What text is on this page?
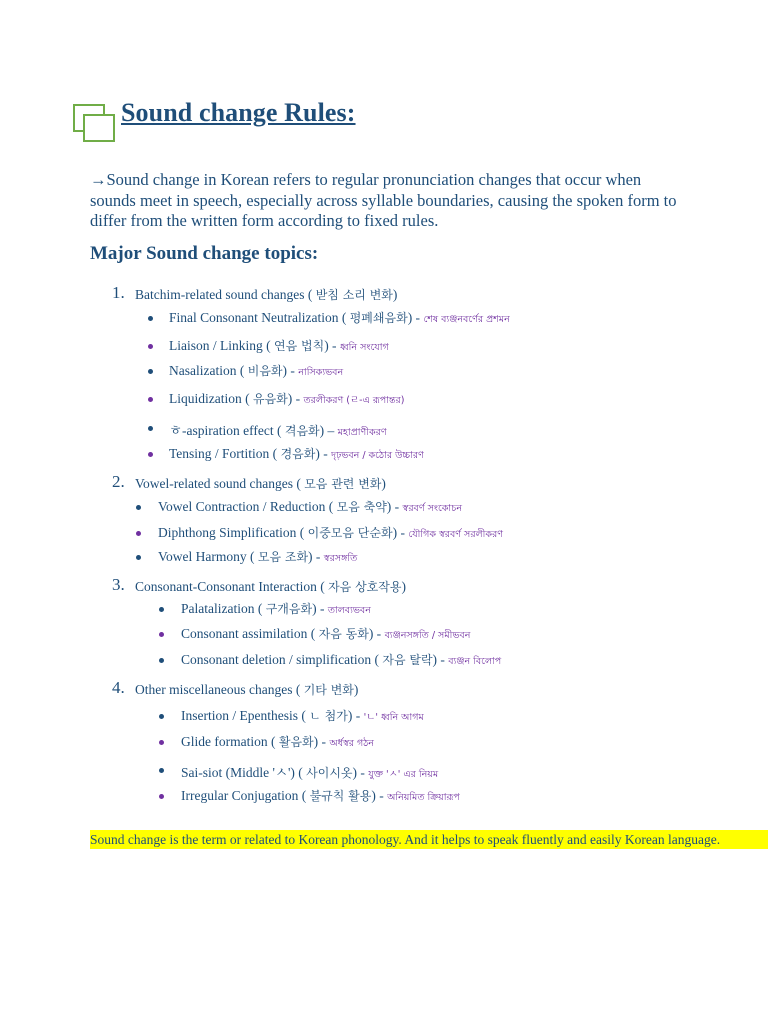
Sound change Rules:

→Sound change in Korean refers to regular pronunciation changes that occur when sounds meet in speech, especially across syllable boundaries, causing the spoken form to differ from the written form according to fixed rules.

Major Sound change topics:
1. Batchim-related sound changes ( 받침 소리 변화)
Final Consonant Neutralization ( 평폐쇄음화) - শেষ ব্যঞ্জনবর্ণের প্রশমন
Liaison / Linking ( 연음 법칙) - ধ্বনি সংযোগ
Nasalization ( 비음화) - নাসিক্যভবন
Liquidization ( 유음화) - তরলীকরণ (ㄹ-এ রূপান্তর)
ㅎ-aspiration effect ( 격음화) – মহাপ্রাণীকরণ
Tensing / Fortition ( 경음화) - দৃঢ়ভবন / কঠোর উচ্চারণ
2. Vowel-related sound changes ( 모음 관련 변화)
Vowel Contraction / Reduction ( 모음 축약) - স্বরবর্ণ সংকোচন
Diphthong Simplification ( 이중모음 단순화) - যৌগিক স্বরবর্ণ সরলীকরণ
Vowel Harmony ( 모음 조화) - স্বরসঙ্গতি
3. Consonant-Consonant Interaction ( 자음 상호작용)
Palatalization ( 구개음화) - তালব্যভবন
Consonant assimilation ( 자음 동화) - ব্যঞ্জনসঙ্গতি / সমীভবন
Consonant deletion / simplification ( 자음 탈락) - ব্যঞ্জন বিলোপ
4. Other miscellaneous changes ( 기타 변화)
Insertion / Epenthesis ( ㄴ 첨가) - 'ㄴ' ধ্বনি আগম
Glide formation ( 활음화) - অর্ধস্বর গঠন
Sai-siot (Middle 'ㅅ') ( 사이시옷) - যুক্ত 'ㅅ' এর নিয়ম
Irregular Conjugation ( 불규칙 활용) - অনিয়মিত ক্রিয়ারূপ
Sound change is the term or related to Korean phonology. And it helps to speak fluently and easily Korean language.
